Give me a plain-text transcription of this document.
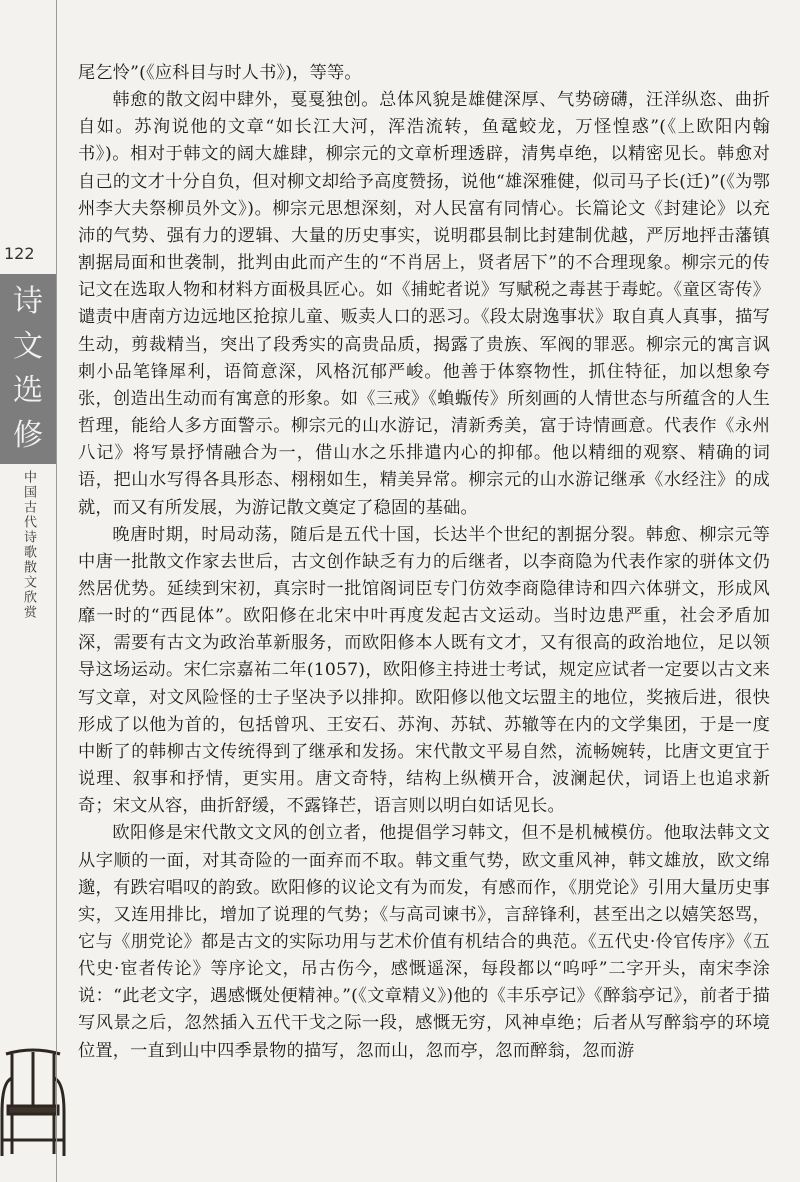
122
诗
文
选
修
中国古代诗歌散文欣赏

尾乞怜”(《应科目与时人书》)，等等。

韩愈的散文闳中肆外，戛戛独创。总体风貌是雄健深厚、气势磅礴，汪洋纵恣、曲折自如。苏洵说他的文章“如长江大河，浑浩流转，鱼鼋蛟龙，万怪惶惑”(《上欧阳内翰书》)。相对于韩文的阔大雄肆，柳宗元的文章析理透辟，清隽卓绝，以精密见长。韩愈对自己的文才十分自负，但对柳文却给予高度赞扬，说他“雄深雅健，似司马子长(迁)”(《为鄂州李大夫祭柳员外文》)。柳宗元思想深刻，对人民富有同情心。长篇论文《封建论》以充沛的气势、强有力的逻辑、大量的历史事实，说明郡县制比封建制优越，严厉地抨击藩镇割据局面和世袭制，批判由此而产生的“不肖居上，贤者居下”的不合理现象。柳宗元的传记文在选取人物和材料方面极具匠心。如《捕蛇者说》写赋税之毒甚于毒蛇。《童区寄传》谴责中唐南方边远地区抢掠儿童、贩卖人口的恶习。《段太尉逸事状》取自真人真事，描写生动，剪裁精当，突出了段秀实的高贵品质，揭露了贵族、军阀的罪恶。柳宗元的寓言讽刺小品笔锋犀利，语简意深，风格沉郁严峻。他善于体察物性，抓住特征，加以想象夸张，创造出生动而有寓意的形象。如《三戒》《蝜蝂传》所刻画的人情世态与所蕴含的人生哲理，能给人多方面警示。柳宗元的山水游记，清新秀美，富于诗情画意。代表作《永州八记》将写景抒情融合为一，借山水之乐排遣内心的抑郁。他以精细的观察、精确的词语，把山水写得各具形态、栩栩如生，精美异常。柳宗元的山水游记继承《水经注》的成就，而又有所发展，为游记散文奠定了稳固的基础。

晚唐时期，时局动荡，随后是五代十国，长达半个世纪的割据分裂。韩愈、柳宗元等中唐一批散文作家去世后，古文创作缺乏有力的后继者，以李商隐为代表作家的骈体文仍然居优势。延续到宋初，真宗时一批馆阁词臣专门仿效李商隐律诗和四六体骈文，形成风靡一时的“西昆体”。欧阳修在北宋中叶再度发起古文运动。当时边患严重，社会矛盾加深，需要有古文为政治革新服务，而欧阳修本人既有文才，又有很高的政治地位，足以领导这场运动。宋仁宗嘉祐二年(1057)，欧阳修主持进士考试，规定应试者一定要以古文来写文章，对文风险怪的士子坚决予以排抑。欧阳修以他文坛盟主的地位，奖掖后进，很快形成了以他为首的，包括曾巩、王安石、苏洵、苏轼、苏辙等在内的文学集团，于是一度中断了的韩柳古文传统得到了继承和发扬。宋代散文平易自然，流畅婉转，比唐文更宜于说理、叙事和抒情，更实用。唐文奇特，结构上纵横开合，波澜起伏，词语上也追求新奇；宋文从容，曲折舒缓，不露锋芒，语言则以明白如话见长。

欧阳修是宋代散文文风的创立者，他提倡学习韩文，但不是机械模仿。他取法韩文文从字顺的一面，对其奇险的一面弃而不取。韩文重气势，欧文重风神，韩文雄放，欧文绵邈，有跌宕唱叹的韵致。欧阳修的议论文有为而发，有感而作，《朋党论》引用大量历史事实，又连用排比，增加了说理的气势；《与高司谏书》，言辞锋利，甚至出之以嬉笑怒骂，它与《朋党论》都是古文的实际功用与艺术价值有机结合的典范。《五代史·伶官传序》《五代史·宦者传论》等序论文，吊古伤今，感慨遥深，每段都以“呜呼”二字开头，南宋李涂说：“此老文字，遇感慨处便精神。”(《文章精义》)他的《丰乐亭记》《醉翁亭记》，前者于描写风景之后，忽然插入五代干戈之际一段，感慨无穷，风神卓绝；后者从写醉翁亭的环境位置，一直到山中四季景物的描写，忽而山，忽而亭，忽而醉翁，忽而游
